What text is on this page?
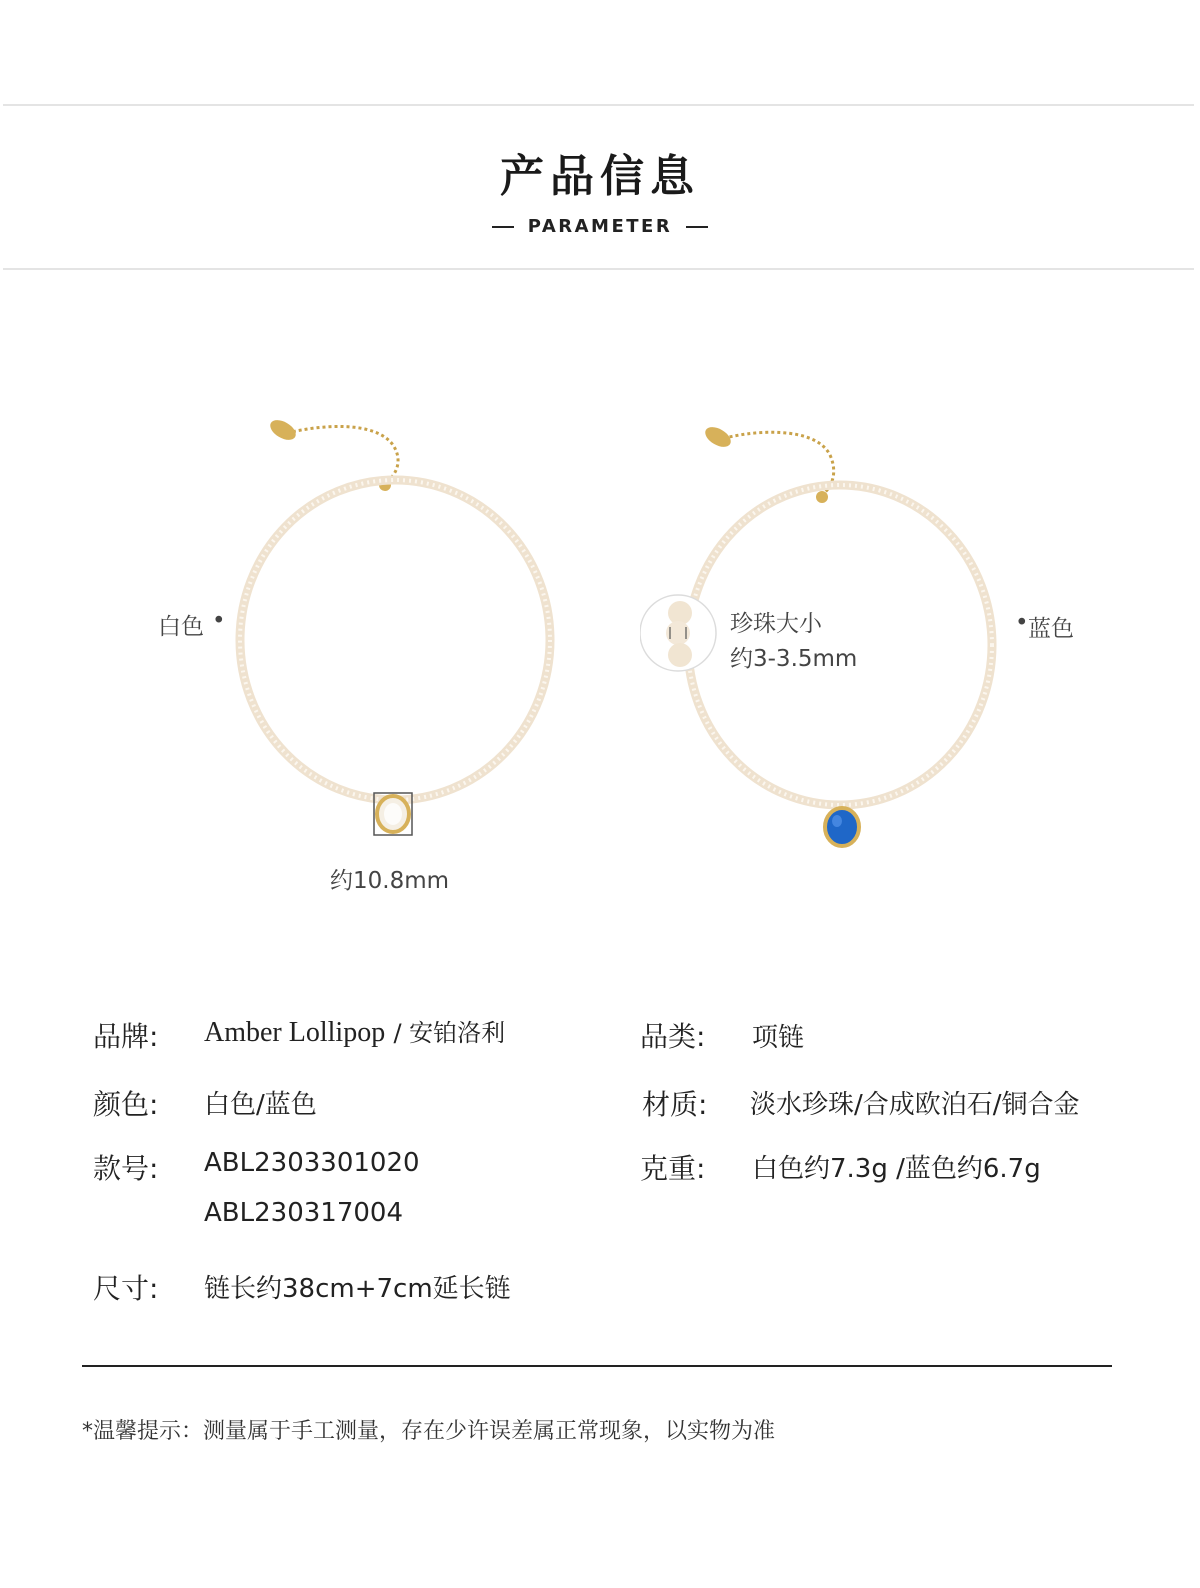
产品信息
PARAMETER
白色 •
约10.8mm
珍珠大小
约3-3.5mm
• 蓝色
品牌: Amber Lollipop / 安铂洛利	品类: 项链
颜色: 白色/蓝色	材质: 淡水珍珠/合成欧泊石/铜合金
款号: ABL2303301020
ABL230317004
克重: 白色约7.3g /蓝色约6.7g
尺寸: 链长约38cm+7cm延长链
*温馨提示：测量属于手工测量，存在少许误差属正常现象，以实物为准
